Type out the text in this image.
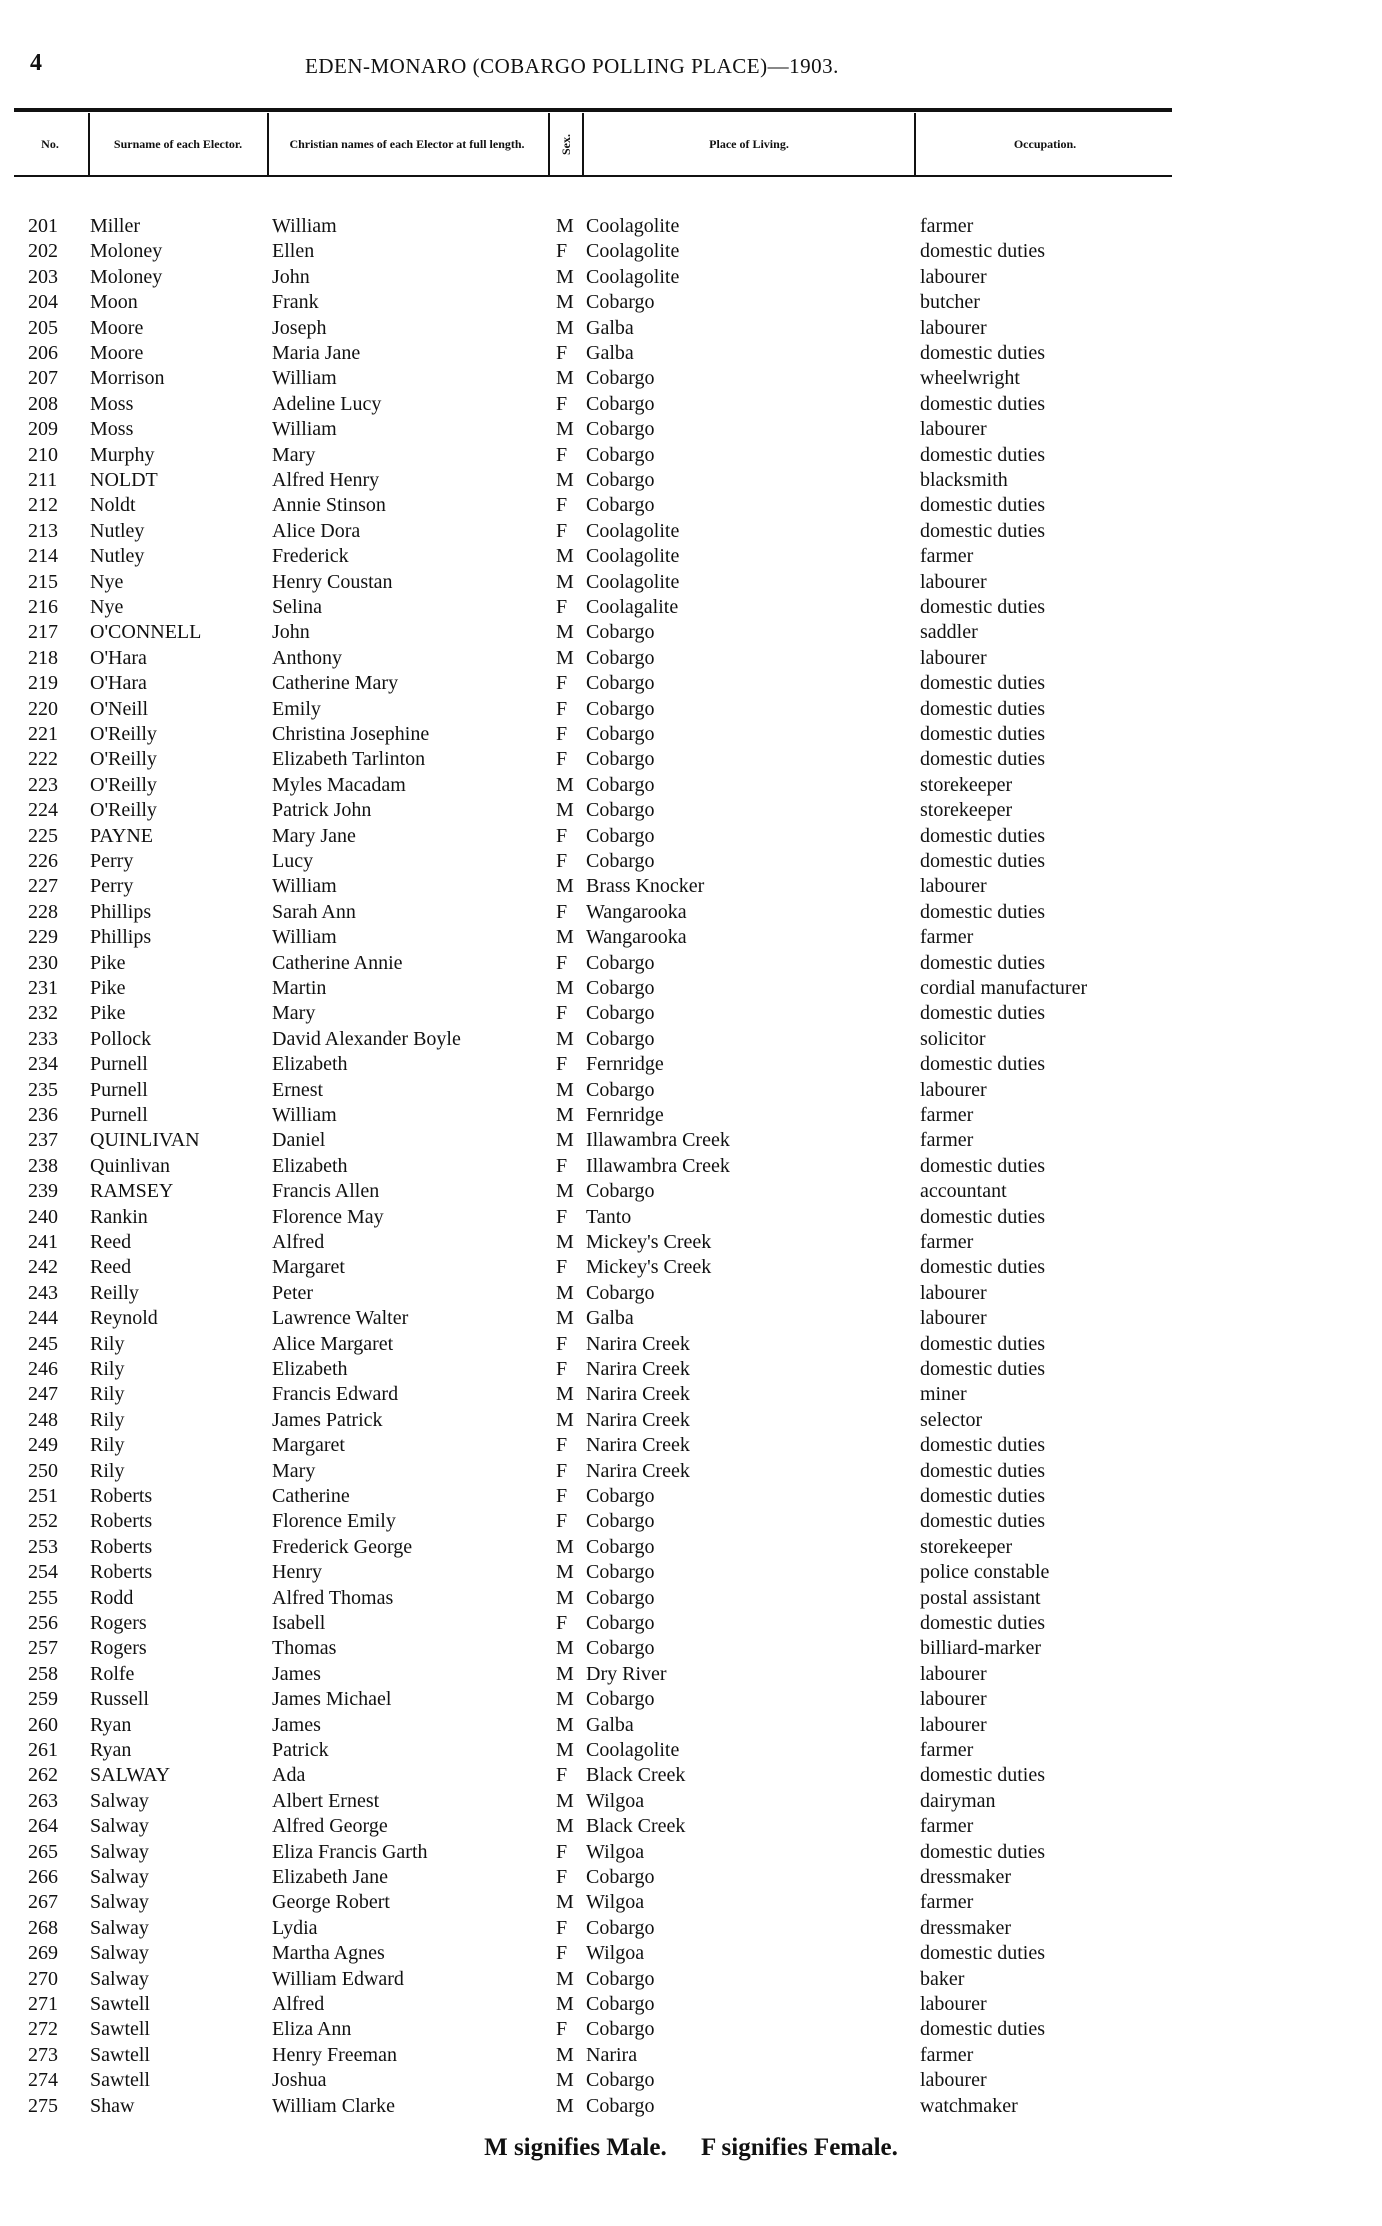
4	EDEN-MONARO (COBARGO POLLING PLACE)—1903.
No.	Surname of each Elector.	Christian names of each Elector at full length.	Sex.	Place of Living.	Occupation.
201	Miller	William	M Coolagolite	farmer
202	Moloney	Ellen	F Coolagolite	domestic duties
203	Moloney	John	M Coolagolite	labourer
204	Moon	Frank	M Cobargo	butcher
205	Moore	Joseph	M Galba	labourer
206	Moore	Maria Jane	F Galba	domestic duties
207	Morrison	William	M Cobargo	wheelwright
208	Moss	Adeline Lucy	F Cobargo	domestic duties
209	Moss	William	M Cobargo	labourer
210	Murphy	Mary	F Cobargo	domestic duties
211	NOLDT	Alfred Henry	M Cobargo	blacksmith
212	Noldt	Annie Stinson	F Cobargo	domestic duties
213	Nutley	Alice Dora	F Coolagolite	domestic duties
214	Nutley	Frederick	M Coolagolite	farmer
215	Nye	Henry Coustan	M Coolagolite	labourer
216	Nye	Selina	F Coolagalite	domestic duties
217	O'CONNELL	John	M Cobargo	saddler
218	O'Hara	Anthony	M Cobargo	labourer
219	O'Hara	Catherine Mary	F Cobargo	domestic duties
220	O'Neill	Emily	F Cobargo	domestic duties
221	O'Reilly	Christina Josephine	F Cobargo	domestic duties
222	O'Reilly	Elizabeth Tarlinton	F Cobargo	domestic duties
223	O'Reilly	Myles Macadam	M Cobargo	storekeeper
224	O'Reilly	Patrick John	M Cobargo	storekeeper
225	PAYNE	Mary Jane	F Cobargo	domestic duties
226	Perry	Lucy	F Cobargo	domestic duties
227	Perry	William	M Brass Knocker	labourer
228	Phillips	Sarah Ann	F Wangarooka	domestic duties
229	Phillips	William	M Wangarooka	farmer
230	Pike	Catherine Annie	F Cobargo	domestic duties
231	Pike	Martin	M Cobargo	cordial manufacturer
232	Pike	Mary	F Cobargo	domestic duties
233	Pollock	David Alexander Boyle	M Cobargo	solicitor
234	Purnell	Elizabeth	F Fernridge	domestic duties
235	Purnell	Ernest	M Cobargo	labourer
236	Purnell	William	M Fernridge	farmer
237	QUINLIVAN	Daniel	M Illawambra Creek	farmer
238	Quinlivan	Elizabeth	F Illawambra Creek	domestic duties
239	RAMSEY	Francis Allen	M Cobargo	accountant
240	Rankin	Florence May	F Tanto	domestic duties
241	Reed	Alfred	M Mickey's Creek	farmer
242	Reed	Margaret	F Mickey's Creek	domestic duties
243	Reilly	Peter	M Cobargo	labourer
244	Reynold	Lawrence Walter	M Galba	labourer
245	Rily	Alice Margaret	F Narira Creek	domestic duties
246	Rily	Elizabeth	F Narira Creek	domestic duties
247	Rily	Francis Edward	M Narira Creek	miner
248	Rily	James Patrick	M Narira Creek	selector
249	Rily	Margaret	F Narira Creek	domestic duties
250	Rily	Mary	F Narira Creek	domestic duties
251	Roberts	Catherine	F Cobargo	domestic duties
252	Roberts	Florence Emily	F Cobargo	domestic duties
253	Roberts	Frederick George	M Cobargo	storekeeper
254	Roberts	Henry	M Cobargo	police constable
255	Rodd	Alfred Thomas	M Cobargo	postal assistant
256	Rogers	Isabell	F Cobargo	domestic duties
257	Rogers	Thomas	M Cobargo	billiard-marker
258	Rolfe	James	M Dry River	labourer
259	Russell	James Michael	M Cobargo	labourer
260	Ryan	James	M Galba	labourer
261	Ryan	Patrick	M Coolagolite	farmer
262	SALWAY	Ada	F Black Creek	domestic duties
263	Salway	Albert Ernest	M Wilgoa	dairyman
264	Salway	Alfred George	M Black Creek	farmer
265	Salway	Eliza Francis Garth	F Wilgoa	domestic duties
266	Salway	Elizabeth Jane	F Cobargo	dressmaker
267	Salway	George Robert	M Wilgoa	farmer
268	Salway	Lydia	F Cobargo	dressmaker
269	Salway	Martha Agnes	F Wilgoa	domestic duties
270	Salway	William Edward	M Cobargo	baker
271	Sawtell	Alfred	M Cobargo	labourer
272	Sawtell	Eliza Ann	F Cobargo	domestic duties
273	Sawtell	Henry Freeman	M Narira	farmer
274	Sawtell	Joshua	M Cobargo	labourer
275	Shaw	William Clarke	M Cobargo	watchmaker
M signifies Male. F signifies Female.
